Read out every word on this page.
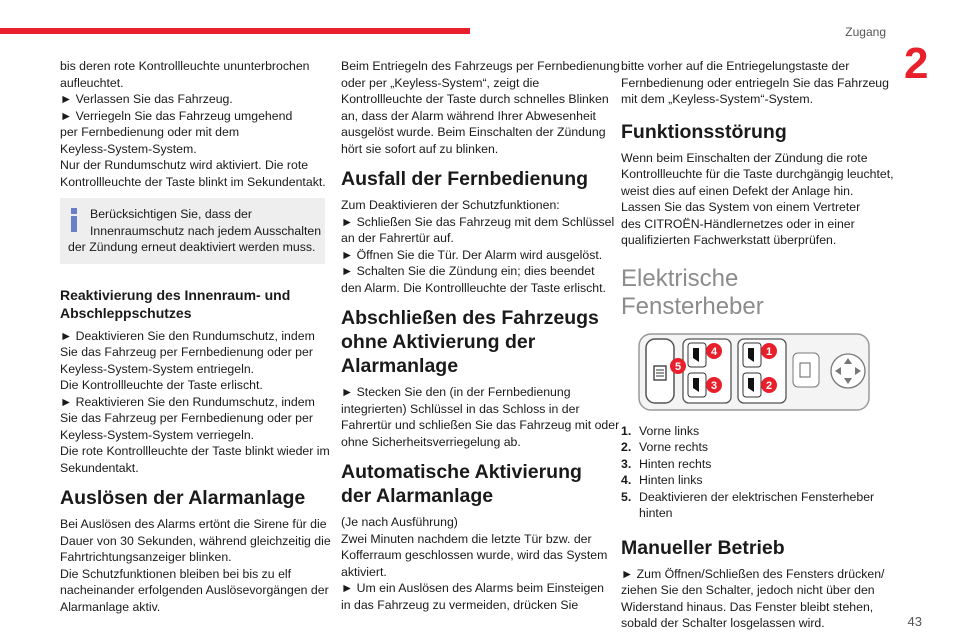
Zugang
2
bis deren rote Kontrollleuchte ununterbrochen
aufleuchtet.
► Verlassen Sie das Fahrzeug.
► Verriegeln Sie das Fahrzeug umgehend
per Fernbedienung oder mit dem
Keyless-System-System.
Nur der Rundumschutz wird aktiviert. Die rote
Kontrollleuchte der Taste blinkt im Sekundentakt.
Berücksichtigen Sie, dass der
Innenraumschutz nach jedem Ausschalten
der Zündung erneut deaktiviert werden muss.
Reaktivierung des Innenraum- und
Abschleppschutzes
► Deaktivieren Sie den Rundumschutz, indem
Sie das Fahrzeug per Fernbedienung oder per
Keyless-System-System entriegeln.
Die Kontrollleuchte der Taste erlischt.
► Reaktivieren Sie den Rundumschutz, indem
Sie das Fahrzeug per Fernbedienung oder per
Keyless-System-System verriegeln.
Die rote Kontrollleuchte der Taste blinkt wieder im
Sekundentakt.
Auslösen der Alarmanlage
Bei Auslösen des Alarms ertönt die Sirene für die
Dauer von 30 Sekunden, während gleichzeitig die
Fahrtrichtungsanzeiger blinken.
Die Schutzfunktionen bleiben bei bis zu elf
nacheinander erfolgenden Auslösevorgängen der
Alarmanlage aktiv.
Beim Entriegeln des Fahrzeugs per Fernbedienung
oder per „Keyless-System“, zeigt die
Kontrollleuchte der Taste durch schnelles Blinken
an, dass der Alarm während Ihrer Abwesenheit
ausgelöst wurde. Beim Einschalten der Zündung
hört sie sofort auf zu blinken.
Ausfall der Fernbedienung
Zum Deaktivieren der Schutzfunktionen:
► Schließen Sie das Fahrzeug mit dem Schlüssel
an der Fahrertür auf.
► Öffnen Sie die Tür. Der Alarm wird ausgelöst.
► Schalten Sie die Zündung ein; dies beendet
den Alarm. Die Kontrollleuchte der Taste erlischt.
Abschließen des Fahrzeugs
ohne Aktivierung der
Alarmanlage
► Stecken Sie den (in der Fernbedienung
integrierten) Schlüssel in das Schloss in der
Fahrertür und schließen Sie das Fahrzeug mit oder
ohne Sicherheitsverriegelung ab.
Automatische Aktivierung
der Alarmanlage
(Je nach Ausführung)
Zwei Minuten nachdem die letzte Tür bzw. der
Kofferraum geschlossen wurde, wird das System
aktiviert.
► Um ein Auslösen des Alarms beim Einsteigen
in das Fahrzeug zu vermeiden, drücken Sie
bitte vorher auf die Entriegelungstaste der
Fernbedienung oder entriegeln Sie das Fahrzeug
mit dem „Keyless-System“-System.
Funktionsstörung
Wenn beim Einschalten der Zündung die rote
Kontrollleuchte für die Taste durchgängig leuchtet,
weist dies auf einen Defekt der Anlage hin.
Lassen Sie das System von einem Vertreter
des CITROËN-Händlernetzes oder in einer
qualifizierten Fachwerkstatt überprüfen.
Elektrische Fensterheber
5
4
3
1
2
1. Vorne links
2. Vorne rechts
3. Hinten rechts
4. Hinten links
5. Deaktivieren der elektrischen Fensterheber
hinten
Manueller Betrieb
► Zum Öffnen/Schließen des Fensters drücken/
ziehen Sie den Schalter, jedoch nicht über den
Widerstand hinaus. Das Fenster bleibt stehen,
sobald der Schalter losgelassen wird.	43
